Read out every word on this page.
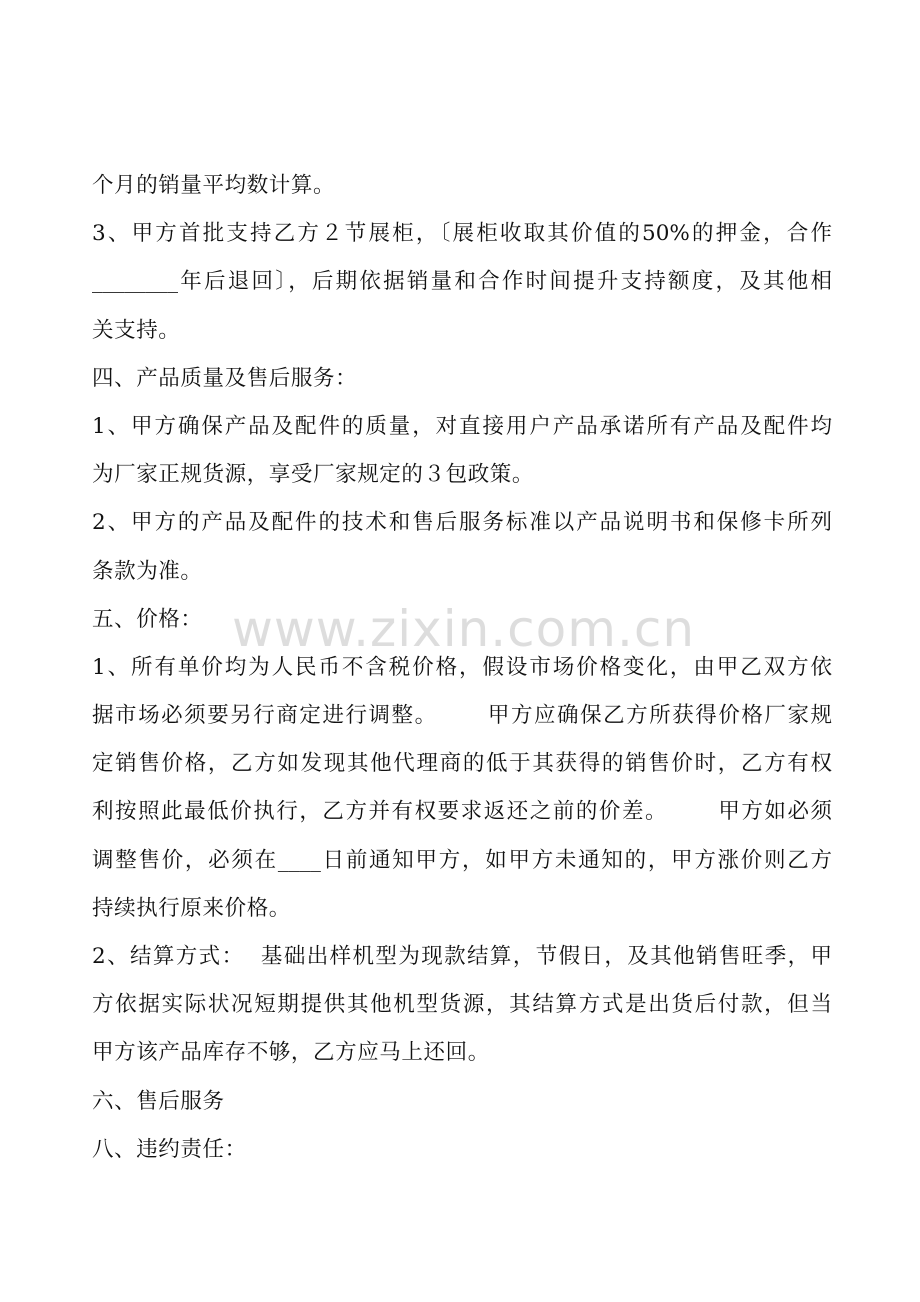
个月的销量平均数计算。
3、甲方首批支持乙方２节展柜，〔展柜收取其价值的50%的押金，合作
________年后退回〕，后期依据销量和合作时间提升支持额度，及其他相
关支持。
四、产品质量及售后服务：
1、甲方确保产品及配件的质量，对直接用户产品承诺所有产品及配件均
为厂家正规货源，享受厂家规定的３包政策。
2、甲方的产品及配件的技术和售后服务标准以产品说明书和保修卡所列
条款为准。
五、价格：
1、所有单价均为人民币不含税价格，假设市场价格变化，由甲乙双方依
据市场必须要另行商定进行调整。      甲方应确保乙方所获得价格厂家规
定销售价格，乙方如发现其他代理商的低于其获得的销售价时，乙方有权
利按照此最低价执行，乙方并有权要求返还之前的价差。      甲方如必须
调整售价，必须在____日前通知甲方，如甲方未通知的，甲方涨价则乙方
持续执行原来价格。
2、结算方式：  基础出样机型为现款结算，节假日，及其他销售旺季，甲
方依据实际状况短期提供其他机型货源，其结算方式是出货后付款，但当
甲方该产品库存不够，乙方应马上还回。
六、售后服务
八、违约责任：
www.zixin.com.cn
